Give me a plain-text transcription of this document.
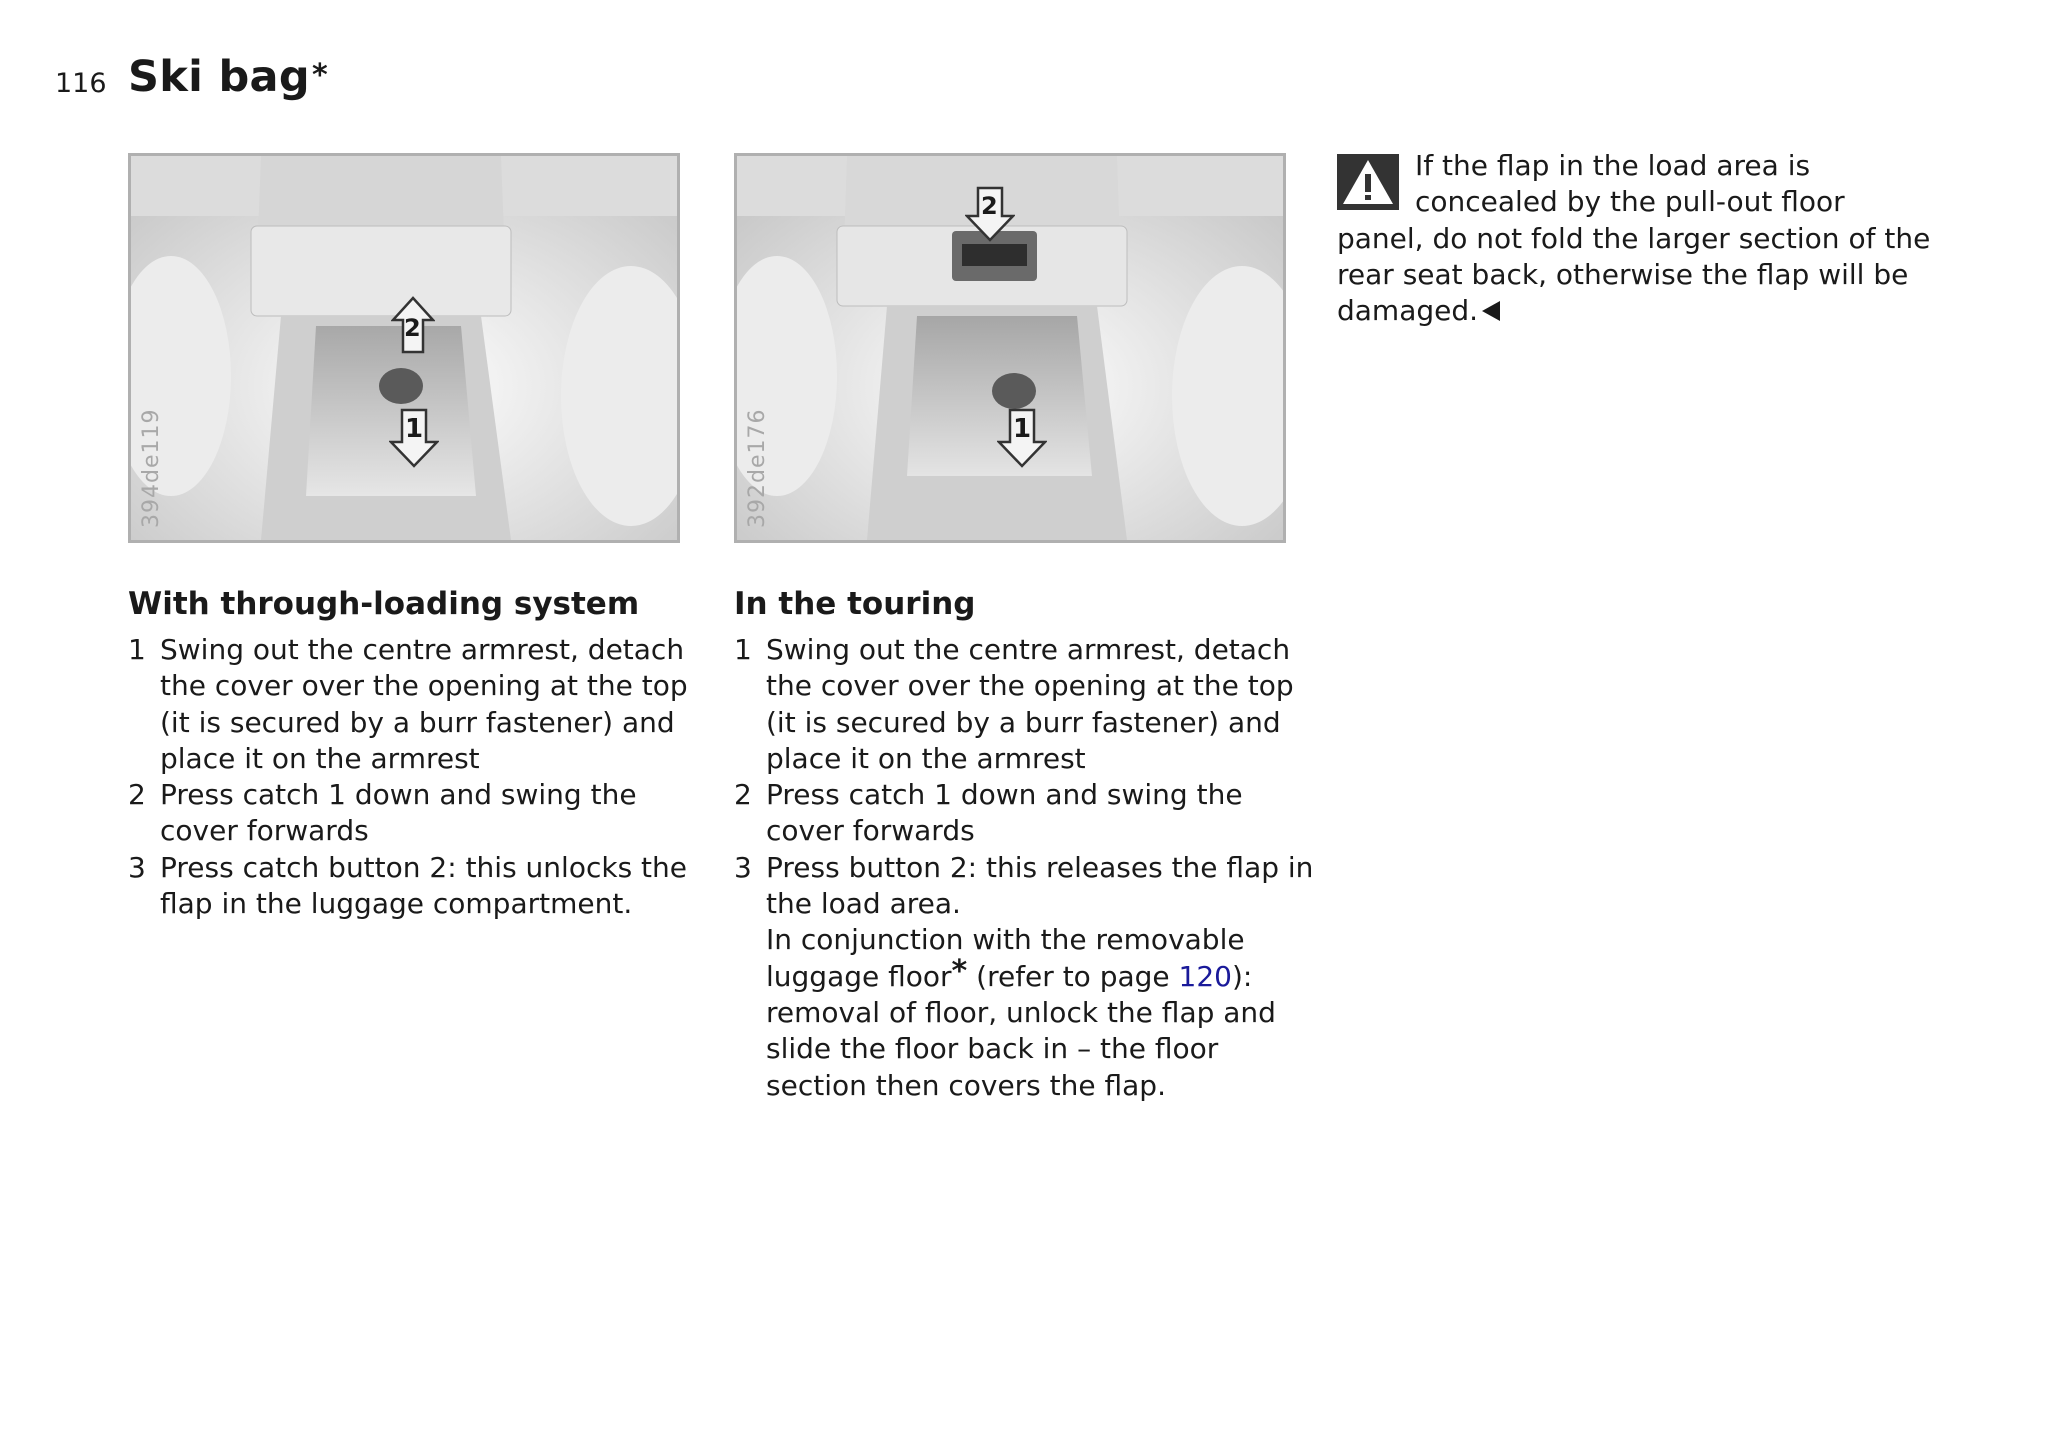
116 Ski bag*
2
1
394de119
2
1
392de176
With through-loading system
1 Swing out the centre armrest, detach the cover over the opening at the top (it is secured by a burr fastener) and place it on the armrest
2 Press catch 1 down and swing the cover forwards
3 Press catch button 2: this unlocks the flap in the luggage compartment.
In the touring
1 Swing out the centre armrest, detach the cover over the opening at the top (it is secured by a burr fastener) and place it on the armrest
2 Press catch 1 down and swing the cover forwards
3 Press button 2: this releases the flap in the load area.
In conjunction with the removable luggage floor* (refer to page 120): removal of floor, unlock the flap and slide the floor back in – the floor section then covers the flap.
If the flap in the load area is concealed by the pull-out floor panel, do not fold the larger section of the rear seat back, otherwise the flap will be damaged.
